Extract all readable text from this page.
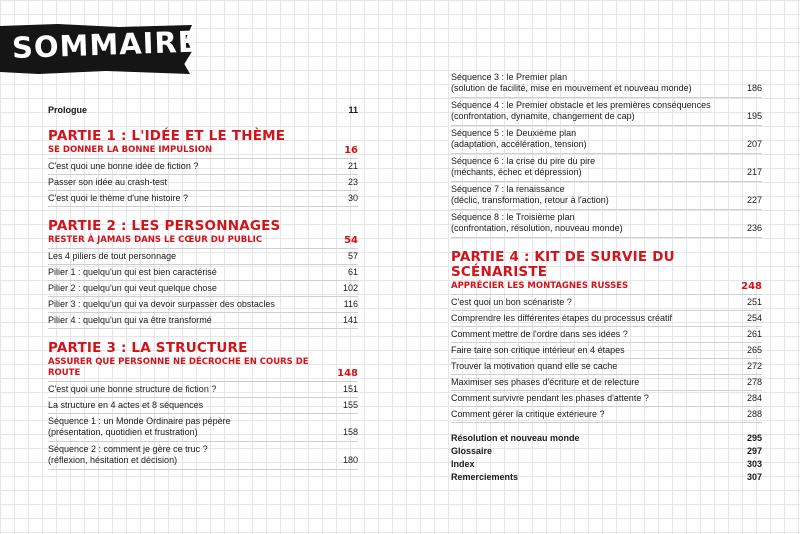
SOMMAIRE
Prologue	11
PARTIE 1 : L'IDÉE ET LE THÈME
SE DONNER LA BONNE IMPULSION	16
C'est quoi une bonne idée de fiction ?	21
Passer son idée au crash-test	23
C'est quoi le thème d'une histoire ?	30
PARTIE 2 : LES PERSONNAGES
RESTER À JAMAIS DANS LE CŒUR DU PUBLIC	54
Les 4 piliers de tout personnage	57
Pilier 1 : quelqu'un qui est bien caractérisé	61
Pilier 2 : quelqu'un qui veut quelque chose	102
Pilier 3 : quelqu'un qui va devoir surpasser des obstacles	116
Pilier 4 : quelqu'un qui va être transformé	141
PARTIE 3 : LA STRUCTURE
ASSURER QUE PERSONNE NE DÉCROCHE EN COURS DE ROUTE	148
C'est quoi une bonne structure de fiction ?	151
La structure en 4 actes et 8 séquences	155
Séquence 1 : un Monde Ordinaire pas pépère
(présentation, quotidien et frustration)	158
Séquence 2 : comment je gère ce truc ?
(réflexion, hésitation et décision)	180
Séquence 3 : le Premier plan
(solution de facilité, mise en mouvement et nouveau monde)	186
Séquence 4 : le Premier obstacle et les premières conséquences
(confrontation, dynamite, changement de cap)	195
Séquence 5 : le Deuxième plan
(adaptation, accélération, tension)	207
Séquence 6 : la crise du pire du pire
(méchants, échec et dépression)	217
Séquence 7 : la renaissance
(déclic, transformation, retour à l'action)	227
Séquence 8 : le Troisième plan
(confrontation, résolution, nouveau monde)	236
PARTIE 4 : KIT DE SURVIE DU SCÉNARISTE
APPRÉCIER LES MONTAGNES RUSSES	248
C'est quoi un bon scénariste ?	251
Comprendre les différentes étapes du processus créatif	254
Comment mettre de l'ordre dans ses idées ?	261
Faire taire son critique intérieur en 4 étapes	265
Trouver la motivation quand elle se cache	272
Maximiser ses phases d'écriture et de relecture	278
Comment survivre pendant les phases d'attente ?	284
Comment gérer la critique extérieure ?	288
Résolution et nouveau monde	295
Glossaire	297
Index	303
Remerciements	307
